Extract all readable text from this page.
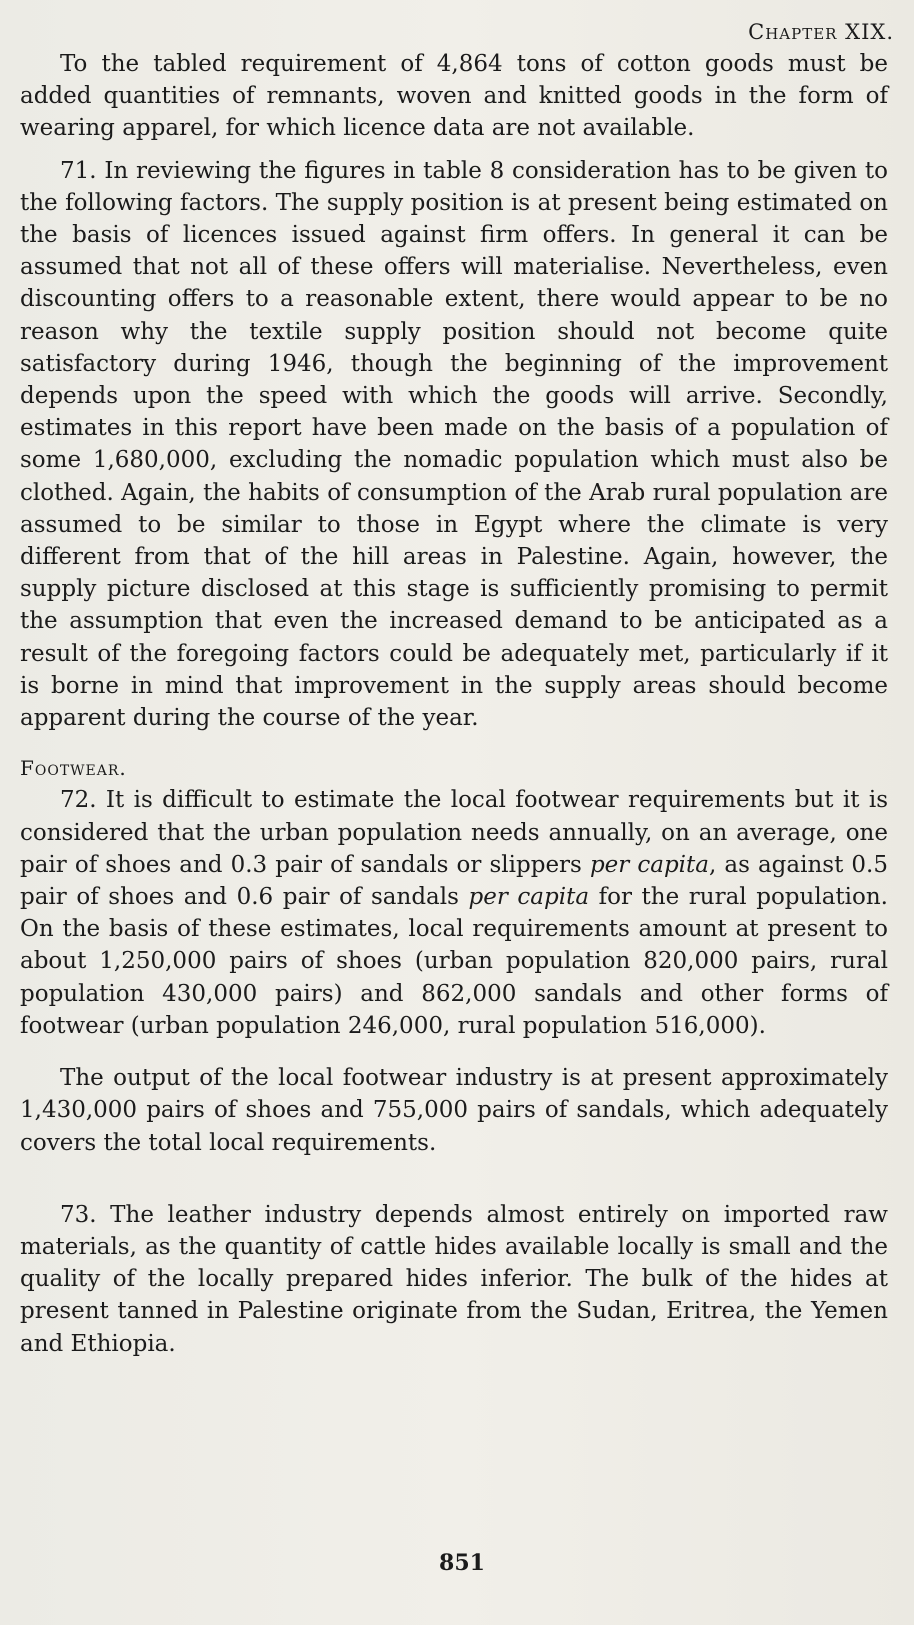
Chapter XIX.

To the tabled requirement of 4,864 tons of cotton goods must be added quantities of remnants, woven and knitted goods in the form of wearing apparel, for which licence data are not available.

71. In reviewing the figures in table 8 consideration has to be given to the following factors. The supply position is at present being estimated on the basis of licences issued against firm offers. In general it can be assumed that not all of these offers will materialise. Nevertheless, even discounting offers to a reasonable extent, there would appear to be no reason why the textile supply position should not become quite satisfactory during 1946, though the beginning of the improvement depends upon the speed with which the goods will arrive. Secondly, estimates in this report have been made on the basis of a population of some 1,680,000, excluding the nomadic population which must also be clothed. Again, the habits of consumption of the Arab rural population are assumed to be similar to those in Egypt where the climate is very different from that of the hill areas in Palestine. Again, however, the supply picture disclosed at this stage is sufficiently promising to permit the assumption that even the increased demand to be anticipated as a result of the foregoing factors could be adequately met, particularly if it is borne in mind that improvement in the supply areas should become apparent during the course of the year.

Footwear.

72. It is difficult to estimate the local footwear requirements but it is considered that the urban population needs annually, on an average, one pair of shoes and 0.3 pair of sandals or slippers per capita, as against 0.5 pair of shoes and 0.6 pair of sandals per capita for the rural population. On the basis of these estimates, local requirements amount at present to about 1,250,000 pairs of shoes (urban population 820,000 pairs, rural population 430,000 pairs) and 862,000 sandals and other forms of footwear (urban population 246,000, rural population 516,000).

The output of the local footwear industry is at present approximately 1,430,000 pairs of shoes and 755,000 pairs of sandals, which adequately covers the total local requirements.

73. The leather industry depends almost entirely on imported raw materials, as the quantity of cattle hides available locally is small and the quality of the locally prepared hides inferior. The bulk of the hides at present tanned in Palestine originate from the Sudan, Eritrea, the Yemen and Ethiopia.

851
